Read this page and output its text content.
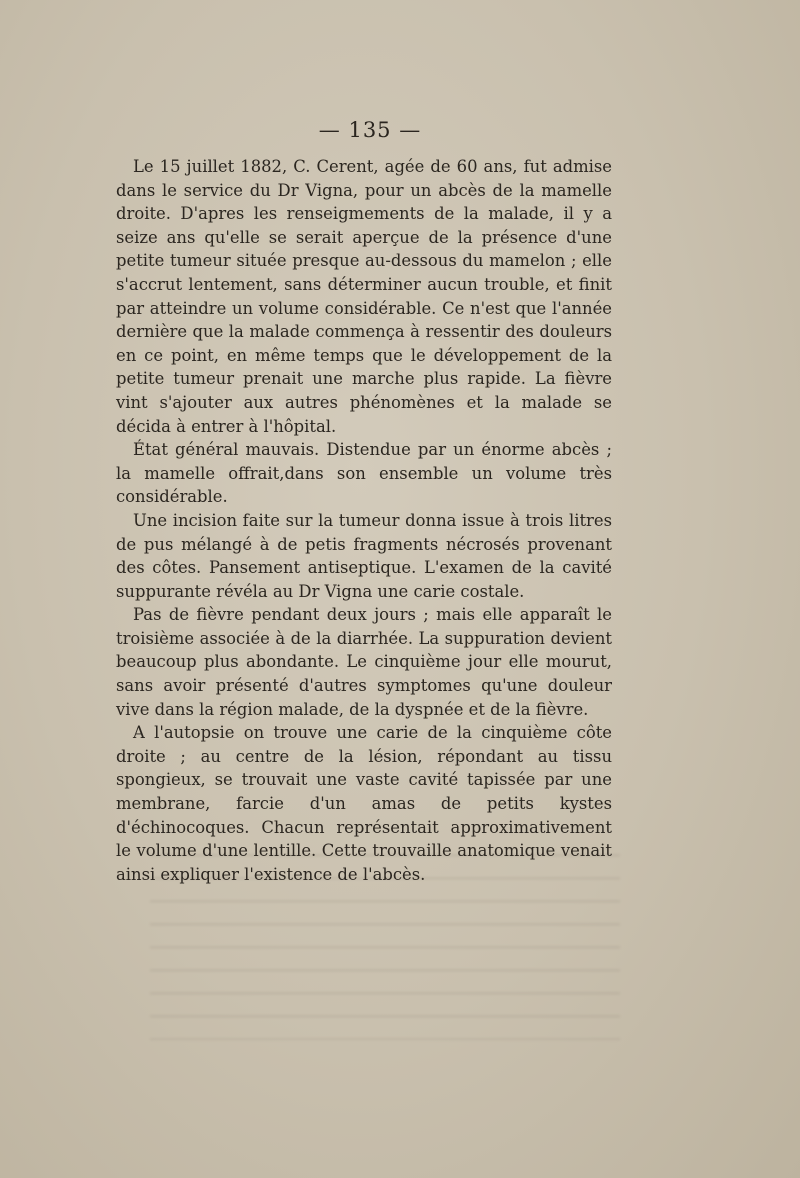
— 135 —

Le 15 juillet 1882, C. Cerent, agée de 60 ans, fut admise dans le service du Dr Vigna, pour un abcès de la mamelle droite. D'apres les renseigmements de la malade, il y a seize ans qu'elle se serait aperçue de la présence d'une petite tumeur située presque au-dessous du mamelon ; elle s'accrut lentement, sans déterminer aucun trouble, et finit par atteindre un volume considérable. Ce n'est que l'année dernière que la malade commença à ressentir des douleurs en ce point, en même temps que le développement de la petite tumeur prenait une marche plus rapide. La fièvre vint s'ajouter aux autres phénomènes et la malade se décida à entrer à l'hôpital.

État général mauvais. Distendue par un énorme abcès ; la mamelle offrait,dans son ensemble un volume très considérable.

Une incision faite sur la tumeur donna issue à trois litres de pus mélangé à de petis fragments nécrosés provenant des côtes. Pansement antiseptique. L'examen de la cavité suppurante révéla au Dr Vigna une carie costale.

Pas de fièvre pendant deux jours ; mais elle apparaît le troisième associée à de la diarrhée. La suppuration devient beaucoup plus abondante. Le cinquième jour elle mourut, sans avoir présenté d'autres symptomes qu'une douleur vive dans la région malade, de la dyspnée et de la fièvre.

A l'autopsie on trouve une carie de la cinquième côte droite ; au centre de la lésion, répondant au tissu spongieux, se trouvait une vaste cavité tapissée par une membrane, farcie d'un amas de petits kystes d'échinocoques. Chacun représentait approximativement le volume d'une lentille. Cette trouvaille anatomique venait ainsi expliquer l'existence de l'abcès.
